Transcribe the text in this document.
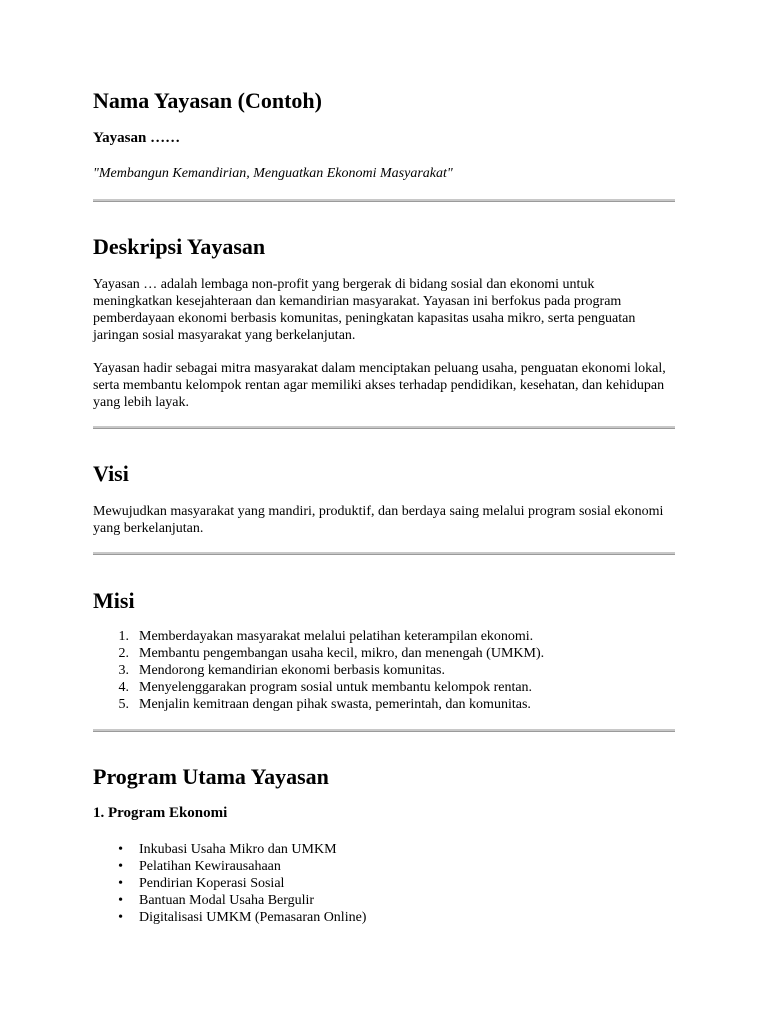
Nama Yayasan (Contoh)
Yayasan ……
"Membangun Kemandirian, Menguatkan Ekonomi Masyarakat"
Deskripsi Yayasan

Yayasan … adalah lembaga non-profit yang bergerak di bidang sosial dan ekonomi untuk meningkatkan kesejahteraan dan kemandirian masyarakat. Yayasan ini berfokus pada program pemberdayaan ekonomi berbasis komunitas, peningkatan kapasitas usaha mikro, serta penguatan jaringan sosial masyarakat yang berkelanjutan.

Yayasan hadir sebagai mitra masyarakat dalam menciptakan peluang usaha, penguatan ekonomi lokal, serta membantu kelompok rentan agar memiliki akses terhadap pendidikan, kesehatan, dan kehidupan yang lebih layak.

Visi

Mewujudkan masyarakat yang mandiri, produktif, dan berdaya saing melalui program sosial ekonomi yang berkelanjutan.

Misi
1. Memberdayakan masyarakat melalui pelatihan keterampilan ekonomi.
2. Membantu pengembangan usaha kecil, mikro, dan menengah (UMKM).
3. Mendorong kemandirian ekonomi berbasis komunitas.
4. Menyelenggarakan program sosial untuk membantu kelompok rentan.
5. Menjalin kemitraan dengan pihak swasta, pemerintah, dan komunitas.
Program Utama Yayasan
1. Program Ekonomi
• Inkubasi Usaha Mikro dan UMKM
• Pelatihan Kewirausahaan
• Pendirian Koperasi Sosial
• Bantuan Modal Usaha Bergulir
• Digitalisasi UMKM (Pemasaran Online)
